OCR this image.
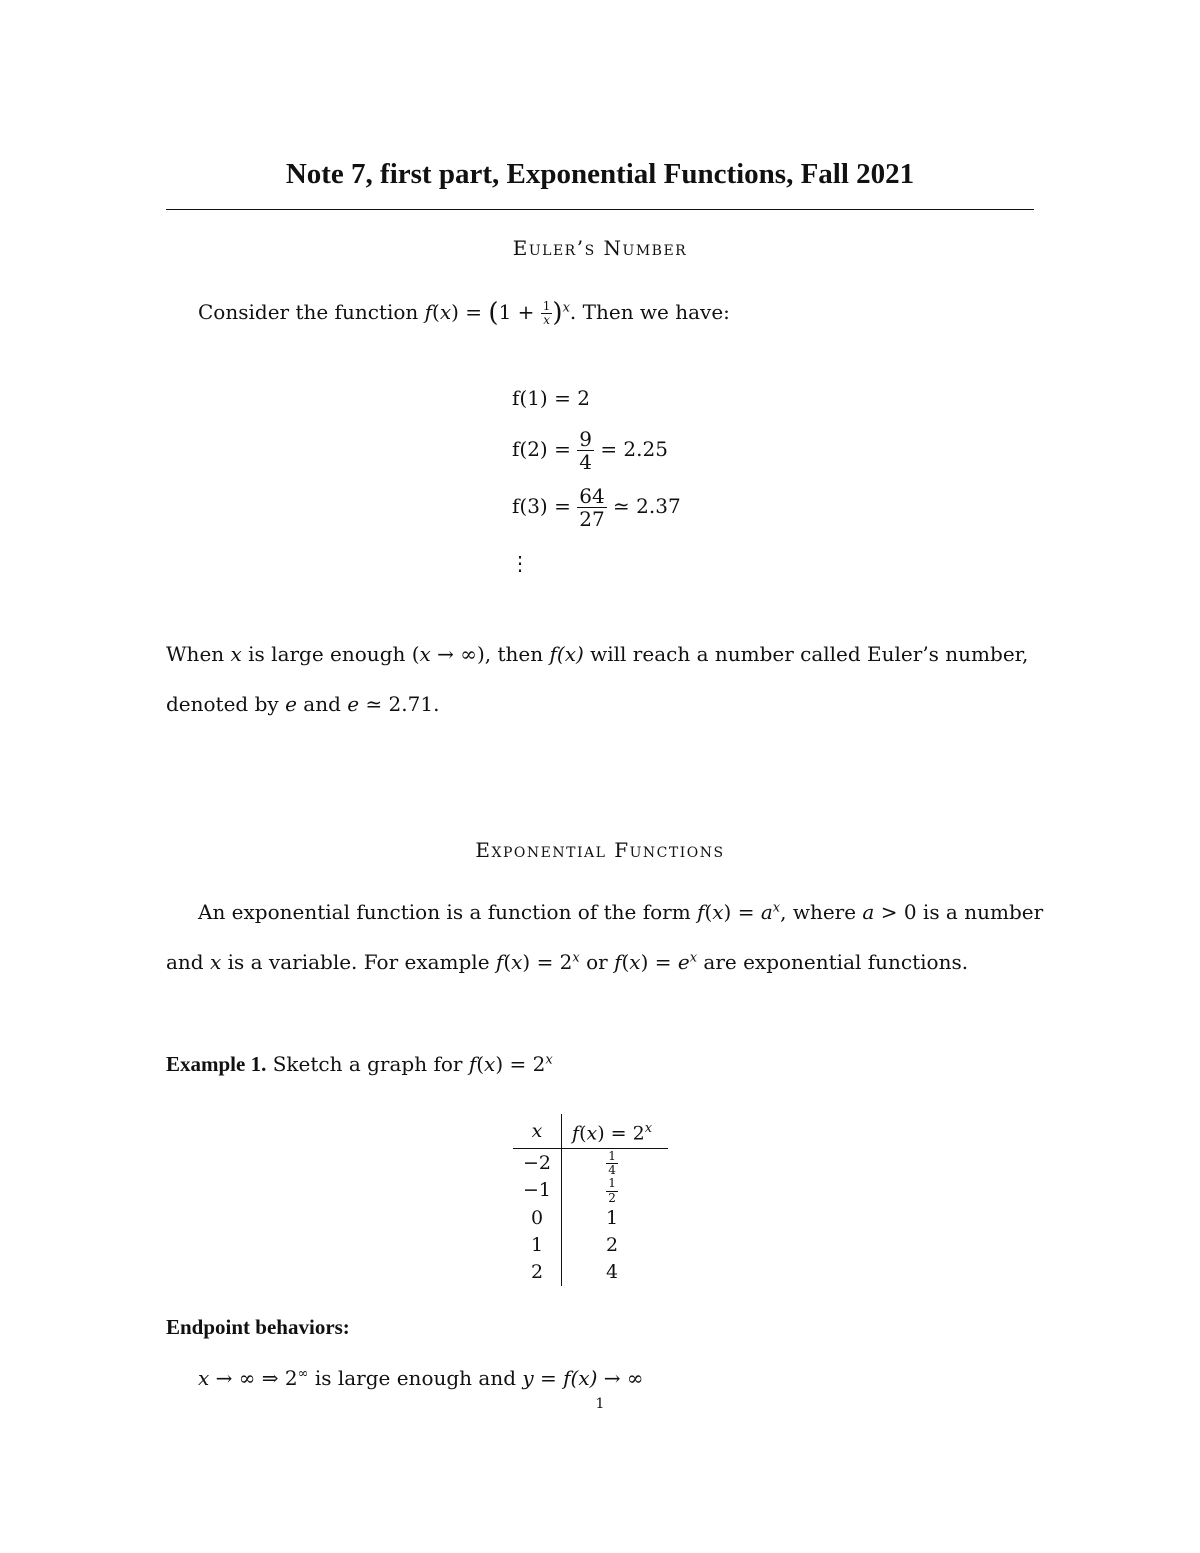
Note 7, first part, Exponential Functions, Fall 2021
Euler’s Number
Consider the function $f(x) = (1 + \frac{1}{x} )^x$. Then we have:
f(1) = 2
$f(2) = \frac{9}{4} = 2.25$
$f(3) = \frac{64}{27}$ ≃ 2.37
⋮
When x is large enough (x → ∞), then f(x) will reach a number called Euler’s number,
denoted by e and e ≃ 2.71.
Exponential Functions
An exponential function is a function of the form $f(x) = a^x$, where a > 0 is a number
and x is a variable. For example $f(x) = 2^x$ or $f(x) = e^x$ are exponential functions.
Example 1. Sketch a graph for $f(x) = 2^x$
x	$f(x) = 2^x$
−2	$\frac{1}{4}$

−1	$\frac{1}{2}$

0	1
1	2
2	4
Endpoint behaviors:
x → ∞ ⇒ 2∞ is large enough and y = f(x) → ∞
1
